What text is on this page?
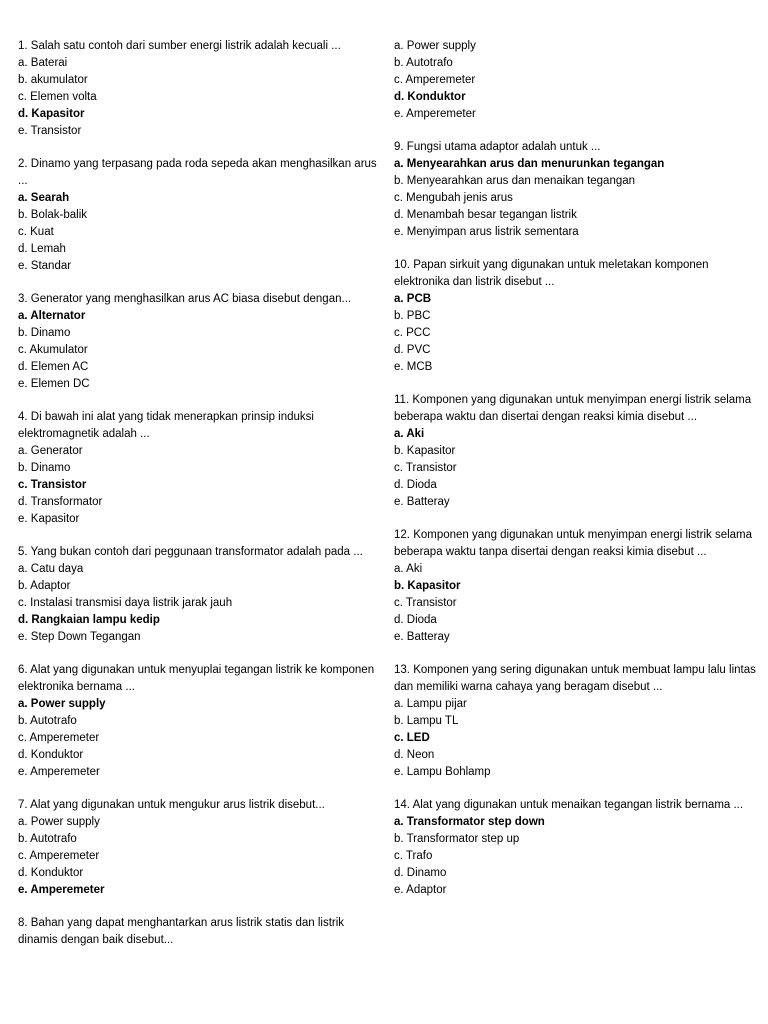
1. Salah satu contoh dari sumber energi listrik adalah kecuali ...
a. Baterai
b. akumulator
c. Elemen volta
d. Kapasitor
e. Transistor
2. Dinamo yang terpasang pada roda sepeda akan menghasilkan arus ...
a. Searah
b. Bolak-balik
c. Kuat
d. Lemah
e. Standar
3. Generator yang menghasilkan arus AC biasa disebut dengan...
a. Alternator
b. Dinamo
c. Akumulator
d. Elemen AC
e. Elemen DC
4. Di bawah ini alat yang tidak menerapkan prinsip induksi elektromagnetik adalah ...
a. Generator
b. Dinamo
c. Transistor
d. Transformator
e. Kapasitor
5. Yang bukan contoh dari peggunaan transformator adalah pada ...
a. Catu daya
b. Adaptor
c. Instalasi transmisi daya listrik jarak jauh
d. Rangkaian lampu kedip
e. Step Down Tegangan
6. Alat yang digunakan untuk menyuplai tegangan listrik ke komponen elektronika bernama ...
a. Power supply
b. Autotrafo
c. Amperemeter
d. Konduktor
e. Amperemeter
7. Alat yang digunakan untuk mengukur arus listrik disebut...
a. Power supply
b. Autotrafo
c. Amperemeter
d. Konduktor
e. Amperemeter
8. Bahan yang dapat menghantarkan arus listrik statis dan listrik dinamis dengan baik disebut...
a. Power supply
b. Autotrafo
c. Amperemeter
d. Konduktor
e. Amperemeter
9. Fungsi utama adaptor adalah untuk ...
a. Menyearahkan arus dan menurunkan tegangan
b. Menyearahkan arus dan menaikan tegangan
c. Mengubah jenis arus
d. Menambah besar tegangan listrik
e. Menyimpan arus listrik sementara
10. Papan sirkuit yang digunakan untuk meletakan komponen elektronika dan listrik disebut ...
a. PCB
b. PBC
c. PCC
d. PVC
e. MCB
11. Komponen yang digunakan untuk menyimpan energi listrik selama beberapa waktu dan disertai dengan reaksi kimia disebut ...
a. Aki
b. Kapasitor
c. Transistor
d. Dioda
e. Batteray
12. Komponen yang digunakan untuk menyimpan energi listrik selama beberapa waktu tanpa disertai dengan reaksi kimia disebut ...
a. Aki
b. Kapasitor
c. Transistor
d. Dioda
e. Batteray
13. Komponen yang sering digunakan untuk membuat lampu lalu lintas dan memiliki warna cahaya yang beragam disebut ...
a. Lampu pijar
b. Lampu TL
c. LED
d. Neon
e. Lampu Bohlamp
14. Alat yang digunakan untuk menaikan tegangan listrik bernama ...
a. Transformator step down
b. Transformator step up
c. Trafo
d. Dinamo
e. Adaptor
